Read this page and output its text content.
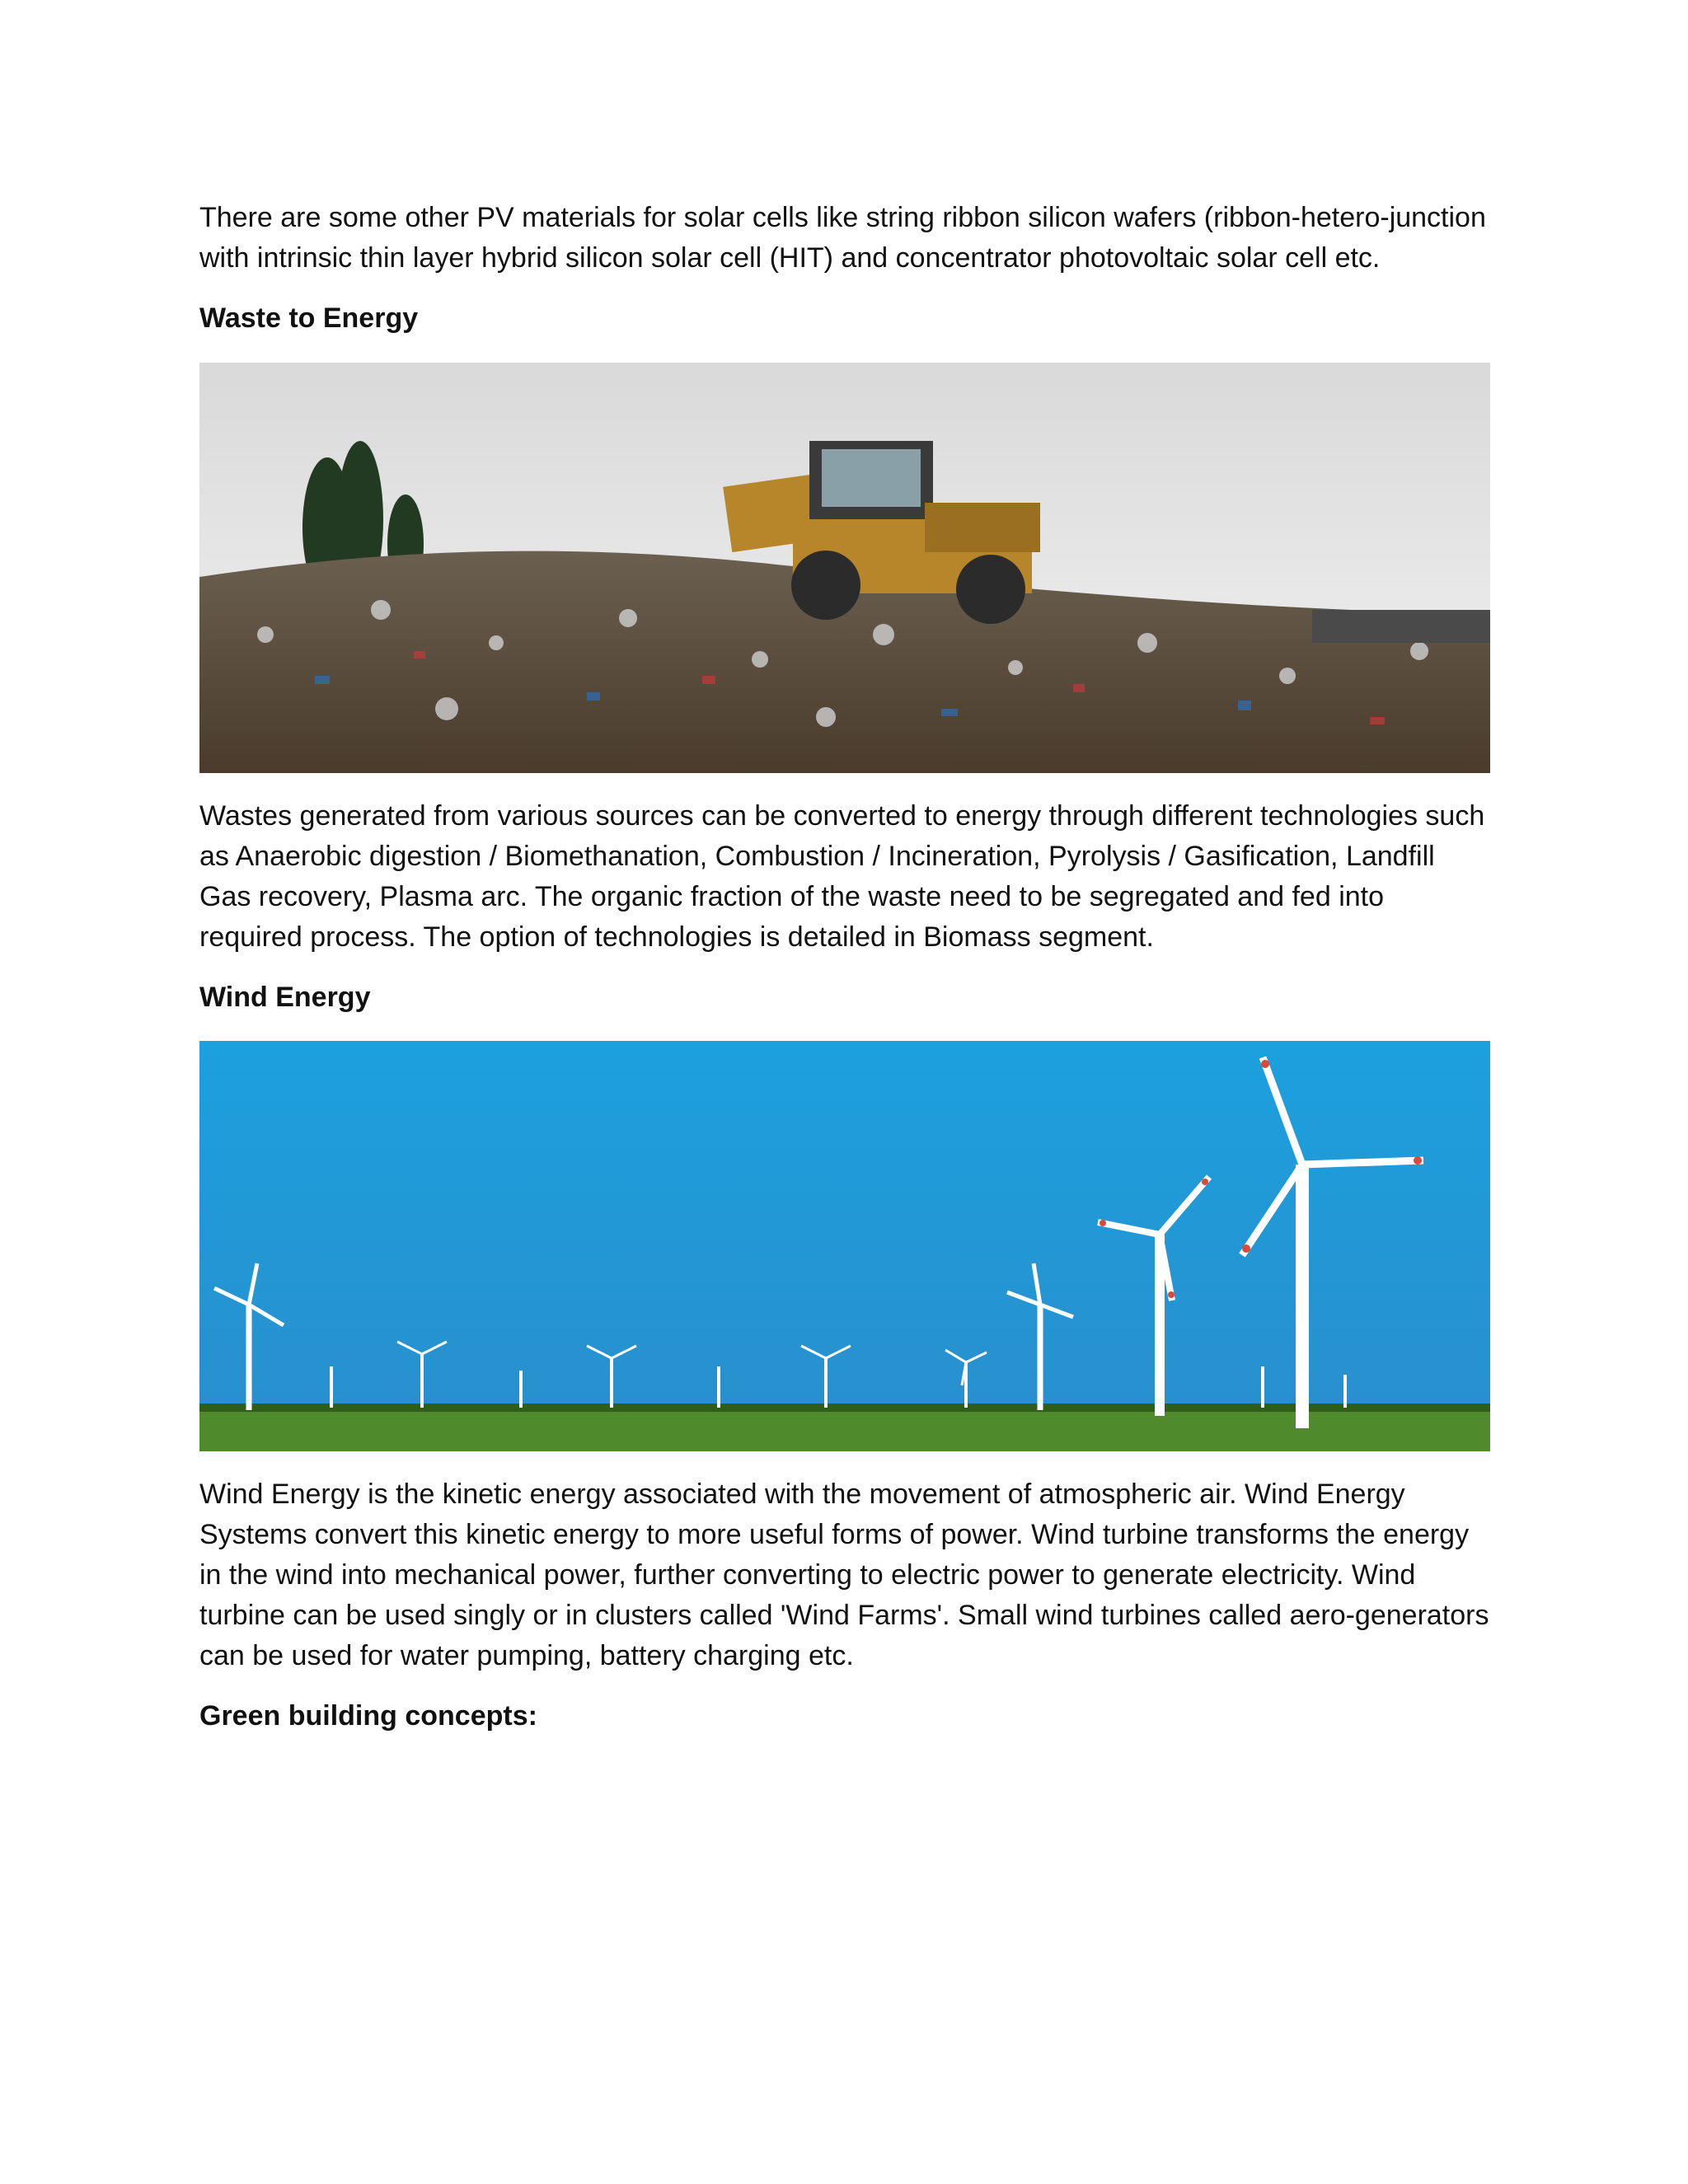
There are some other PV materials for solar cells like string ribbon silicon wafers (ribbon-hetero-junction with intrinsic thin layer hybrid silicon solar cell (HIT) and concentrator photovoltaic solar cell etc.

Waste to Energy

Wastes generated from various sources can be converted to energy through different technologies such as Anaerobic digestion / Biomethanation, Combustion / Incineration, Pyrolysis / Gasification, Landfill Gas recovery, Plasma arc. The organic fraction of the waste need to be segregated and fed into required process. The option of technologies is detailed in Biomass segment.

Wind Energy

Wind Energy is the kinetic energy associated with the movement of atmospheric air. Wind Energy Systems convert this kinetic energy to more useful forms of power. Wind turbine transforms the energy in the wind into mechanical power, further converting to electric power to generate electricity. Wind turbine can be used singly or in clusters called 'Wind Farms'. Small wind turbines called aero-generators can be used for water pumping, battery charging etc.

Green building concepts:
